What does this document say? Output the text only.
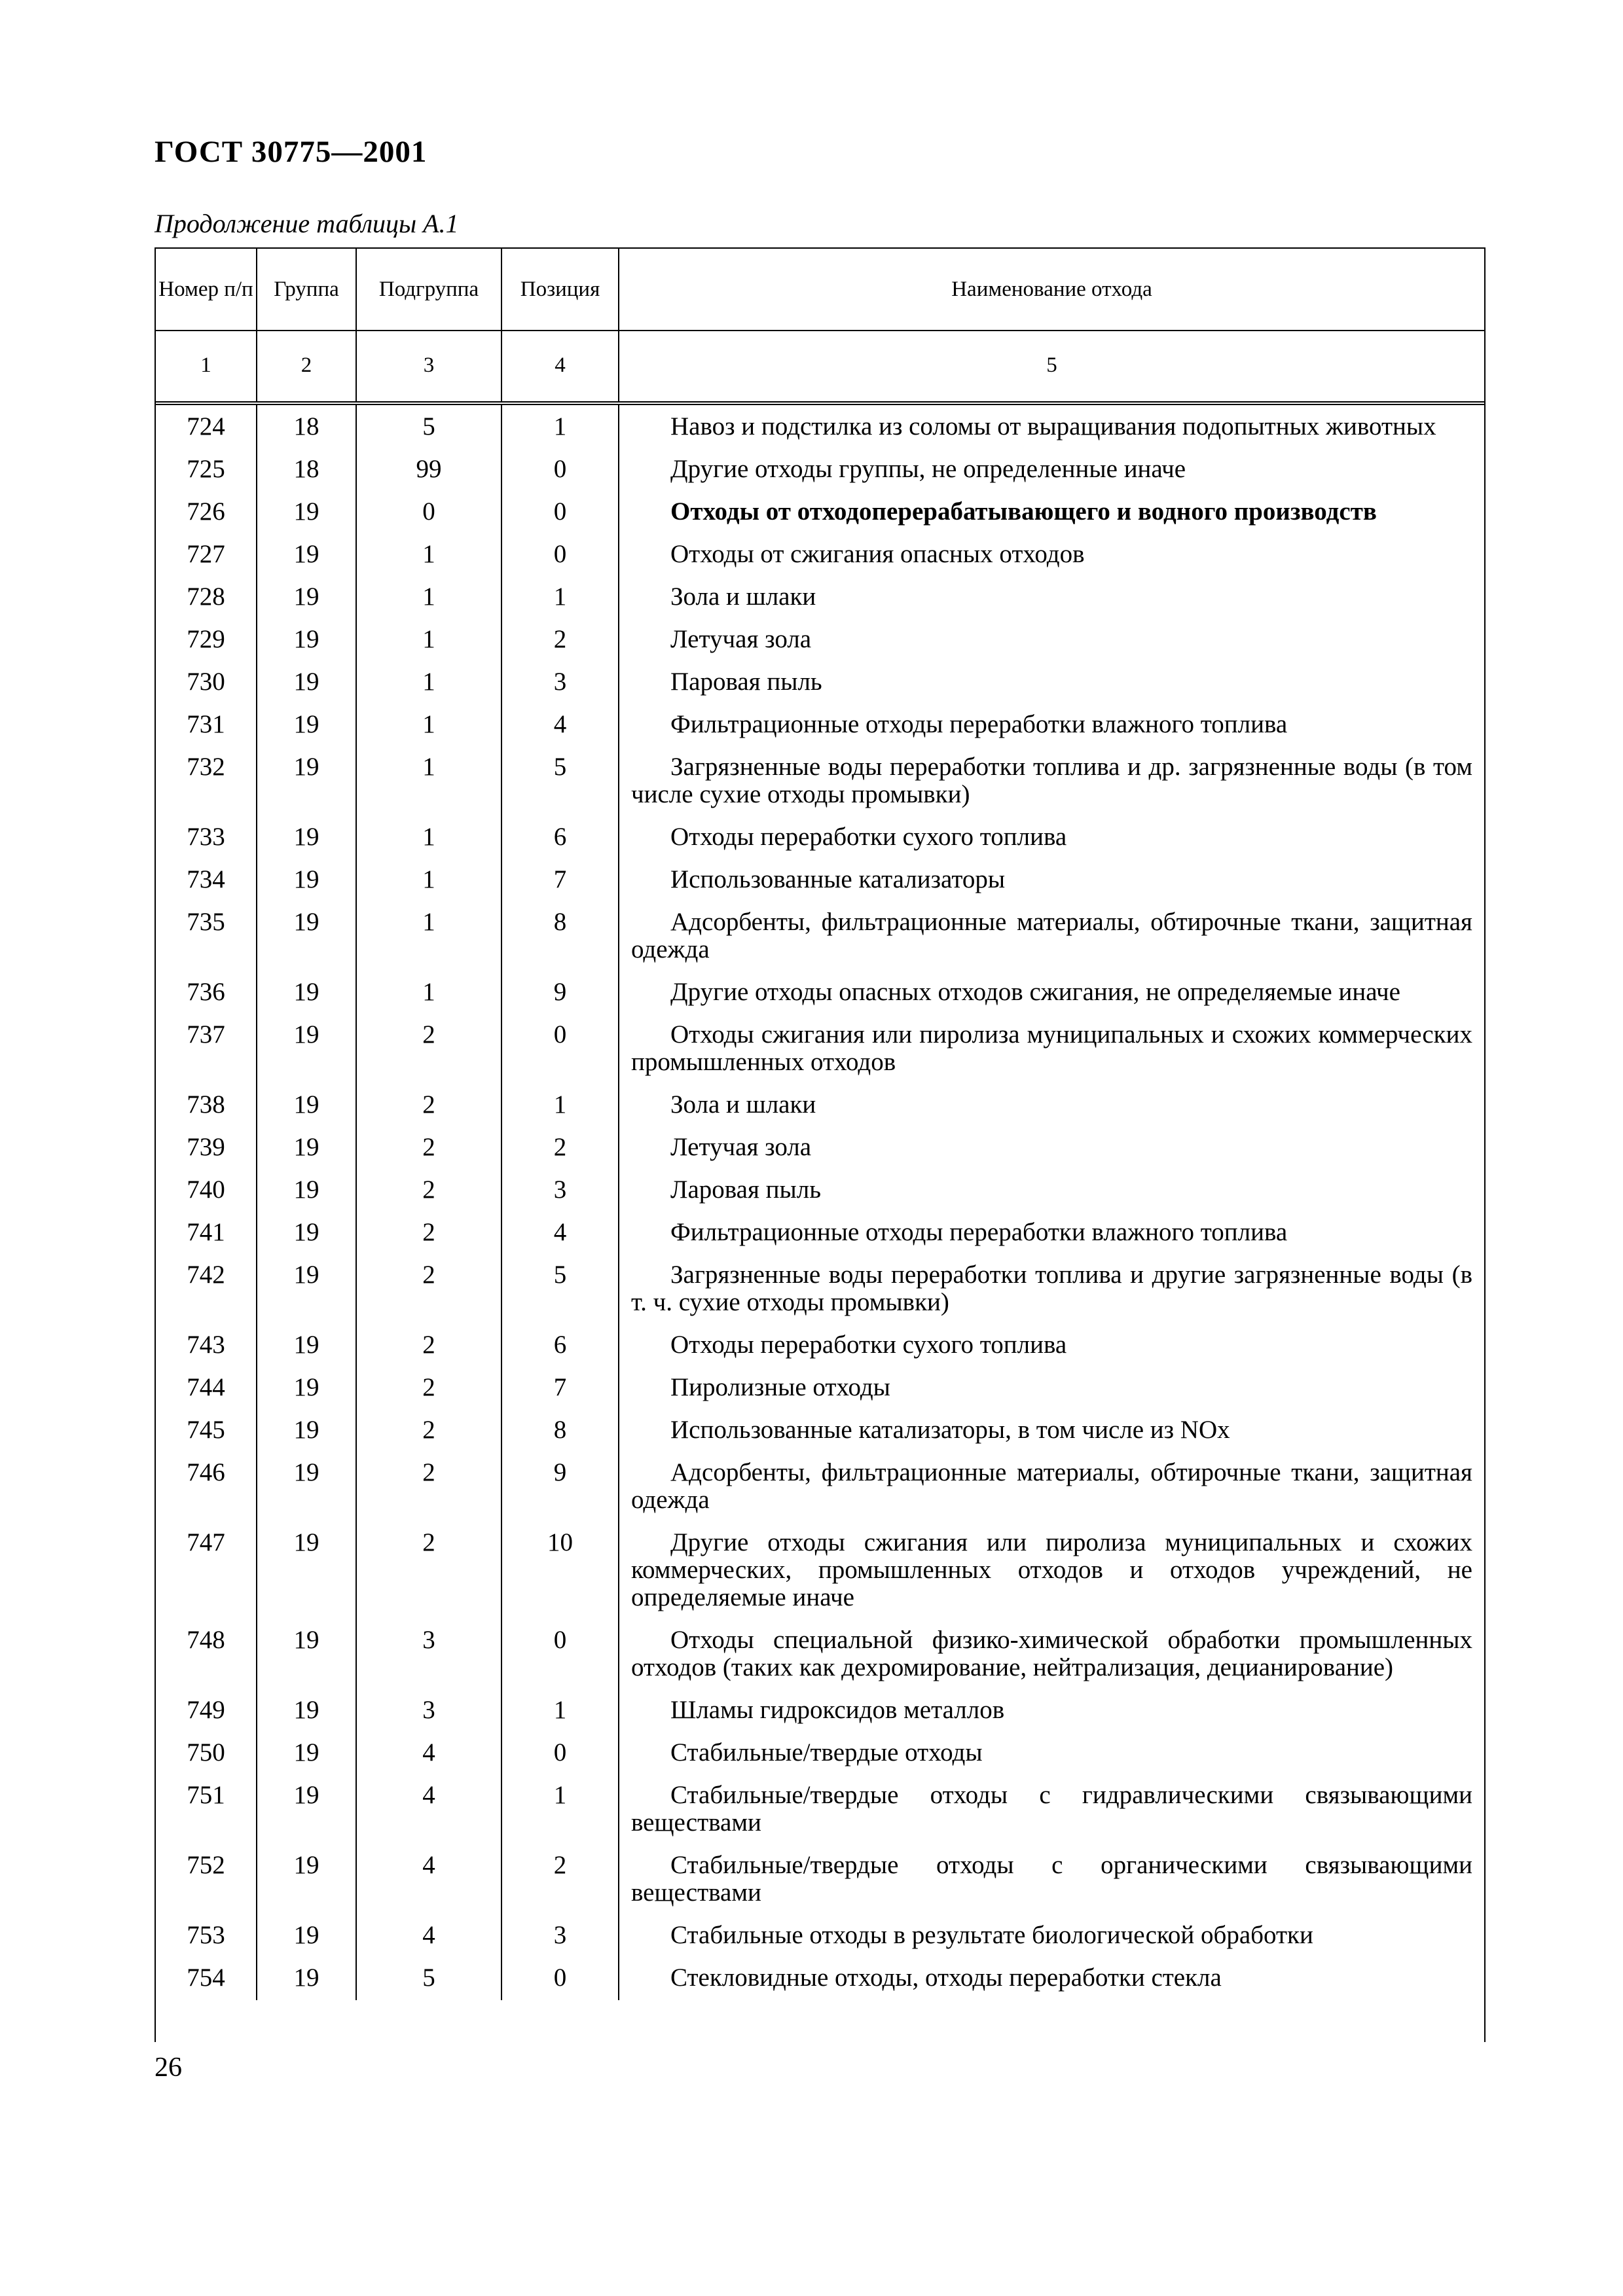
ГОСТ 30775—2001
Продолжение таблицы А.1
Номер п/п	Группа	Подгруппа	Позиция	Наименование отхода
1	2	3	4	5
724	18	5	1	Навоз и подстилка из соломы от выращивания подопытных животных
725	18	99	0	Другие отходы группы, не определенные иначе
726	19	0	0	Отходы от отходоперерабатывающего и водного производств
727	19	1	0	Отходы от сжигания опасных отходов
728	19	1	1	Зола и шлаки
729	19	1	2	Летучая зола
730	19	1	3	Паровая пыль
731	19	1	4	Фильтрационные отходы переработки влажного топлива
732	19	1	5	Загрязненные воды переработки топлива и др. загрязненные воды (в том числе сухие отходы промывки)
733	19	1	6	Отходы переработки сухого топлива
734	19	1	7	Использованные катализаторы
735	19	1	8	Адсорбенты, фильтрационные материалы, обтирочные ткани, защитная одежда
736	19	1	9	Другие отходы опасных отходов сжигания, не определяемые иначе
737	19	2	0	Отходы сжигания или пиролиза муниципальных и схожих коммерческих промышленных отходов
738	19	2	1	Зола и шлаки
739	19	2	2	Летучая зола
740	19	2	3	Ларовая пыль
741	19	2	4	Фильтрационные отходы переработки влажного топлива
742	19	2	5	Загрязненные воды переработки топлива и другие загрязненные воды (в т. ч. сухие отходы промывки)
743	19	2	6	Отходы переработки сухого топлива
744	19	2	7	Пиролизные отходы
745	19	2	8	Использованные катализаторы, в том числе из NOx
746	19	2	9	Адсорбенты, фильтрационные материалы, обтирочные ткани, защитная одежда
747	19	2	10	Другие отходы сжигания или пиролиза муниципальных и схожих коммерческих, промышленных отходов и отходов учреждений, не определяемые иначе
748	19	3	0	Отходы специальной физико-химической обработки промышленных отходов (таких как дехромирование, нейтрализация, децианирование)
749	19	3	1	Шламы гидроксидов металлов
750	19	4	0	Стабильные/твердые отходы
751	19	4	1	Стабильные/твердые отходы с гидравлическими связывающими веществами
752	19	4	2	Стабильные/твердые отходы с органическими связывающими веществами
753	19	4	3	Стабильные отходы в результате биологической обработки
754	19	5	0	Стекловидные отходы, отходы переработки стекла
26
